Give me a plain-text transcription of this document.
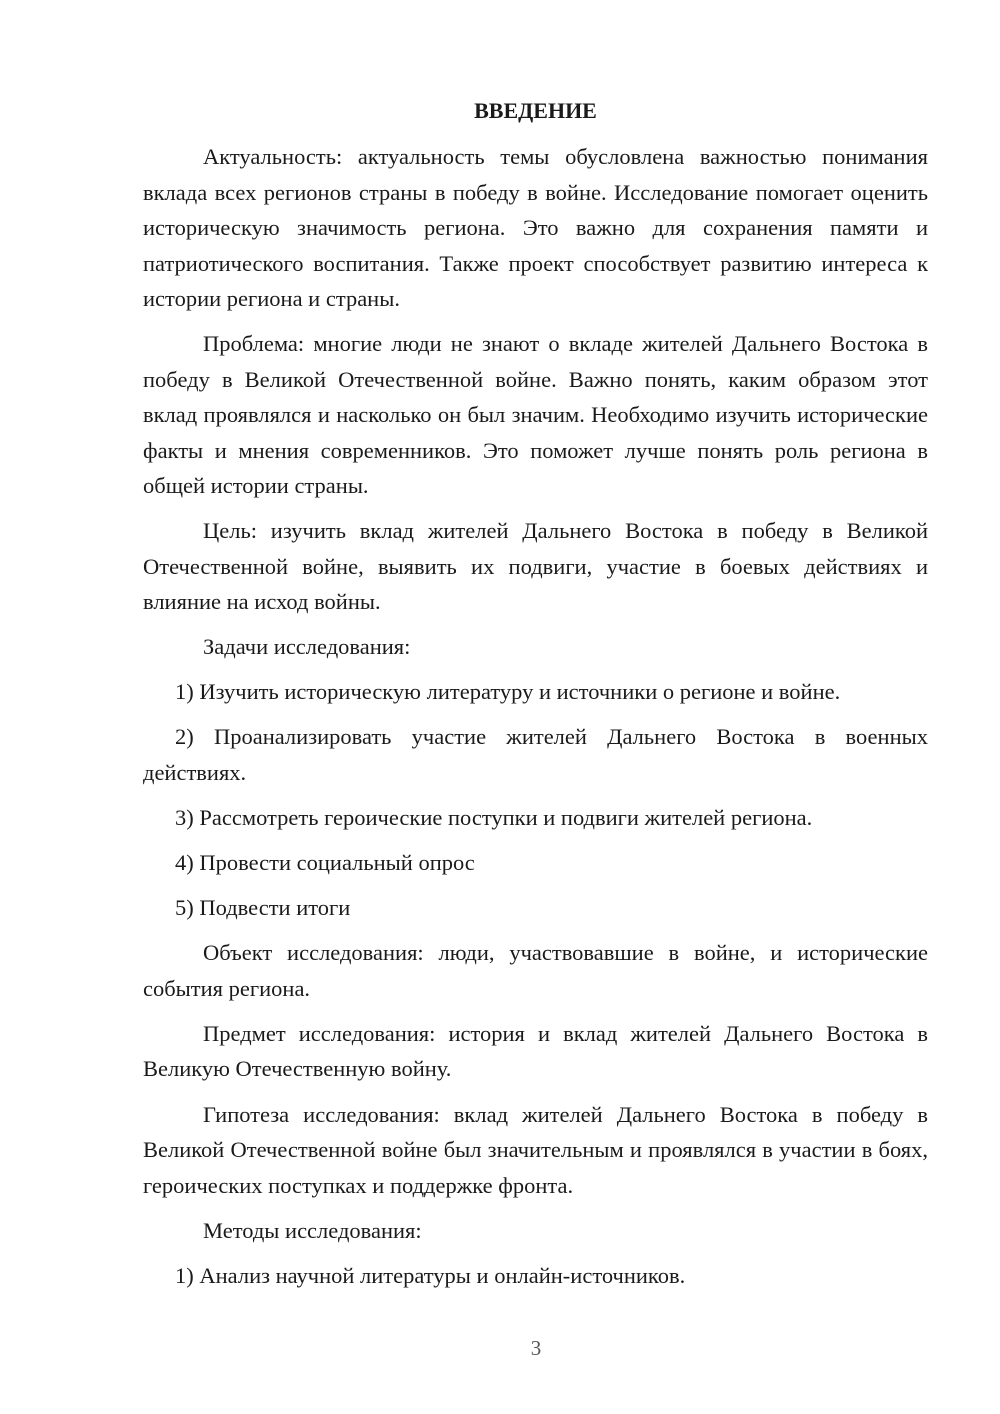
ВВЕДЕНИЕ
Актуальность: актуальность темы обусловлена важностью понимания вклада всех регионов страны в победу в войне. Исследование помогает оценить историческую значимость региона. Это важно для сохранения памяти и патриотического воспитания. Также проект способствует развитию интереса к истории региона и страны.
Проблема: многие люди не знают о вкладе жителей Дальнего Востока в победу в Великой Отечественной войне. Важно понять, каким образом этот вклад проявлялся и насколько он был значим. Необходимо изучить исторические факты и мнения современников. Это поможет лучше понять роль региона в общей истории страны.
Цель: изучить вклад жителей Дальнего Востока в победу в Великой Отечественной войне, выявить их подвиги, участие в боевых действиях и влияние на исход войны.
Задачи исследования:
1) Изучить историческую литературу и источники о регионе и войне.
2) Проанализировать участие жителей Дальнего Востока в военных действиях.
3) Рассмотреть героические поступки и подвиги жителей региона.
4) Провести социальный опрос
5) Подвести итоги
Объект исследования: люди, участвовавшие в войне, и исторические события региона.
Предмет исследования: история и вклад жителей Дальнего Востока в Великую Отечественную войну.
Гипотеза исследования: вклад жителей Дальнего Востока в победу в Великой Отечественной войне был значительным и проявлялся в участии в боях, героических поступках и поддержке фронта.
Методы исследования:
1) Анализ научной литературы и онлайн-источников.
3
